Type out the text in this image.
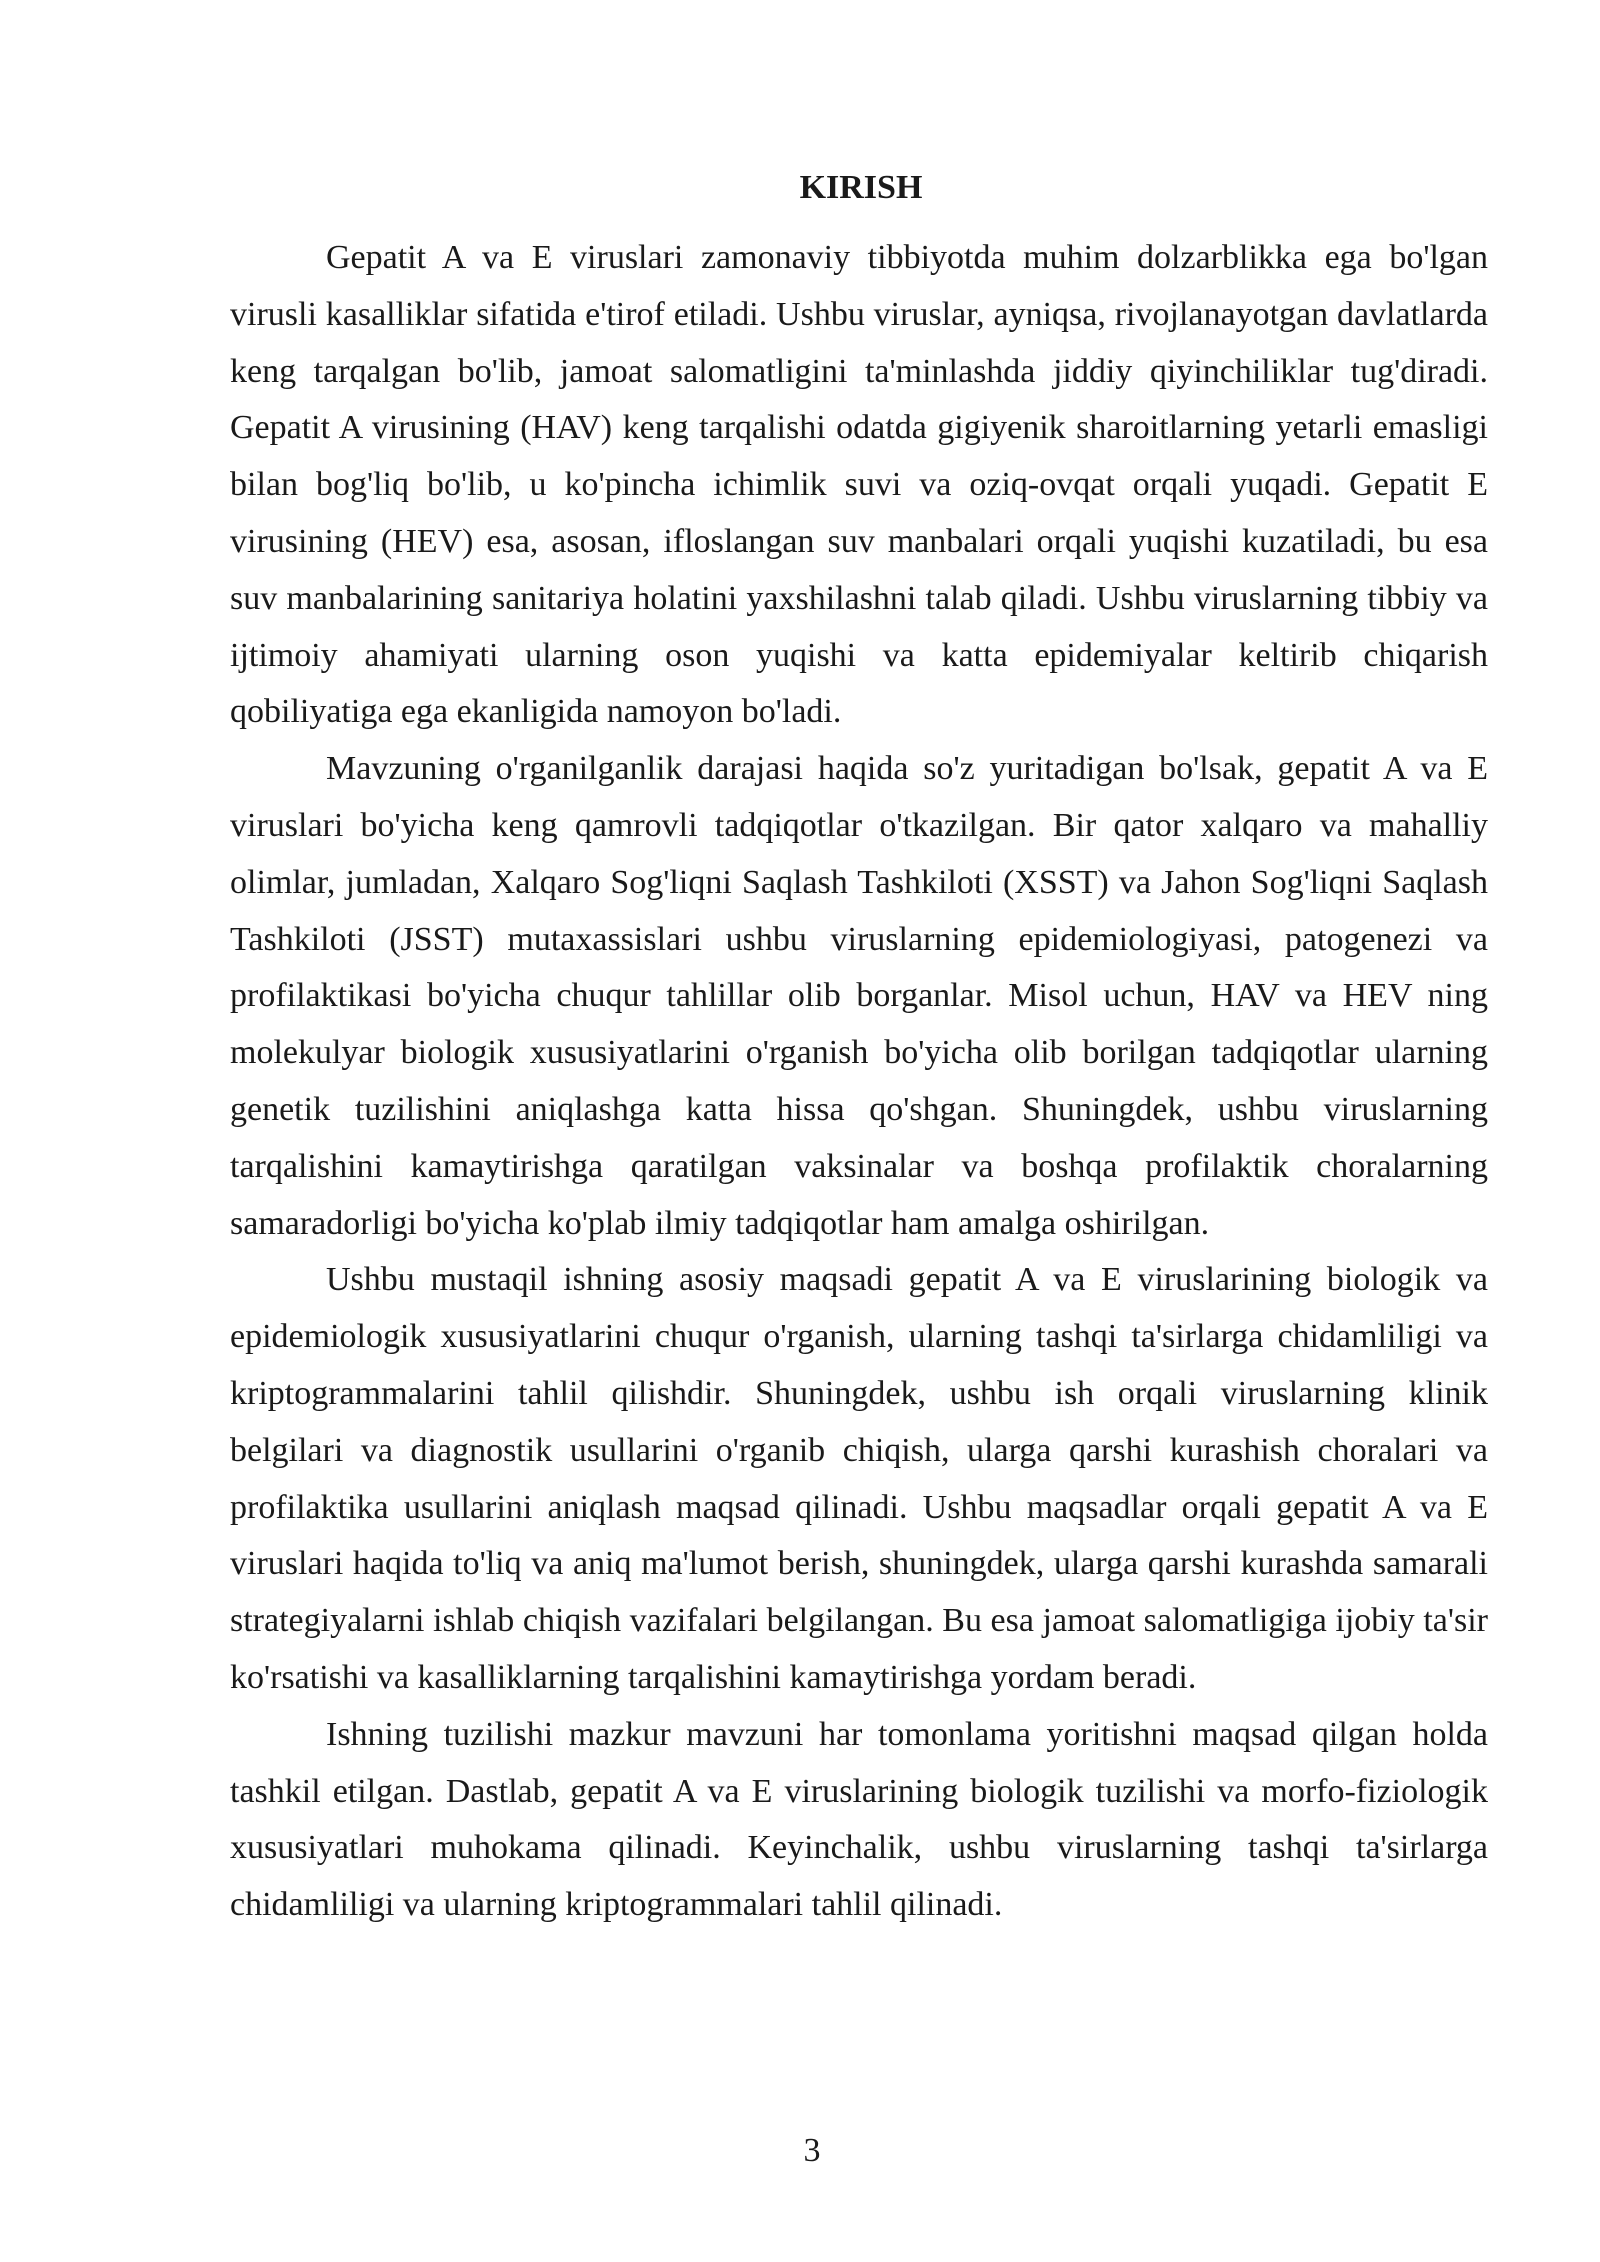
KIRISH

Gepatit A va E viruslari zamonaviy tibbiyotda muhim dolzarblikka ega bo'lgan virusli kasalliklar sifatida e'tirof etiladi. Ushbu viruslar, ayniqsa, rivojlanayotgan davlatlarda keng tarqalgan bo'lib, jamoat salomatligini ta'minlashda jiddiy qiyinchiliklar tug'diradi. Gepatit A virusining (HAV) keng tarqalishi odatda gigiyenik sharoitlarning yetarli emasligi bilan bog'liq bo'lib, u ko'pincha ichimlik suvi va oziq-ovqat orqali yuqadi. Gepatit E virusining (HEV) esa, asosan, ifloslangan suv manbalari orqali yuqishi kuzatiladi, bu esa suv manbalarining sanitariya holatini yaxshilashni talab qiladi. Ushbu viruslarning tibbiy va ijtimoiy ahamiyati ularning oson yuqishi va katta epidemiyalar keltirib chiqarish qobiliyatiga ega ekanligida namoyon bo'ladi.

Mavzuning o'rganilganlik darajasi haqida so'z yuritadigan bo'lsak, gepatit A va E viruslari bo'yicha keng qamrovli tadqiqotlar o'tkazilgan. Bir qator xalqaro va mahalliy olimlar, jumladan, Xalqaro Sog'liqni Saqlash Tashkiloti (XSST) va Jahon Sog'liqni Saqlash Tashkiloti (JSST) mutaxassislari ushbu viruslarning epidemiologiyasi, patogenezi va profilaktikasi bo'yicha chuqur tahlillar olib borganlar. Misol uchun, HAV va HEV ning molekulyar biologik xususiyatlarini o'rganish bo'yicha olib borilgan tadqiqotlar ularning genetik tuzilishini aniqlashga katta hissa qo'shgan. Shuningdek, ushbu viruslarning tarqalishini kamaytirishga qaratilgan vaksinalar va boshqa profilaktik choralarning samaradorligi bo'yicha ko'plab ilmiy tadqiqotlar ham amalga oshirilgan.

Ushbu mustaqil ishning asosiy maqsadi gepatit A va E viruslarining biologik va epidemiologik xususiyatlarini chuqur o'rganish, ularning tashqi ta'sirlarga chidamliligi va kriptogrammalarini tahlil qilishdir. Shuningdek, ushbu ish orqali viruslarning klinik belgilari va diagnostik usullarini o'rganib chiqish, ularga qarshi kurashish choralari va profilaktika usullarini aniqlash maqsad qilinadi. Ushbu maqsadlar orqali gepatit A va E viruslari haqida to'liq va aniq ma'lumot berish, shuningdek, ularga qarshi kurashda samarali strategiyalarni ishlab chiqish vazifalari belgilangan. Bu esa jamoat salomatligiga ijobiy ta'sir ko'rsatishi va kasalliklarning tarqalishini kamaytirishga yordam beradi.

Ishning tuzilishi mazkur mavzuni har tomonlama yoritishni maqsad qilgan holda tashkil etilgan. Dastlab, gepatit A va E viruslarining biologik tuzilishi va morfo-fiziologik xususiyatlari muhokama qilinadi. Keyinchalik, ushbu viruslarning tashqi ta'sirlarga chidamliligi va ularning kriptogrammalari tahlil qilinadi.

3
